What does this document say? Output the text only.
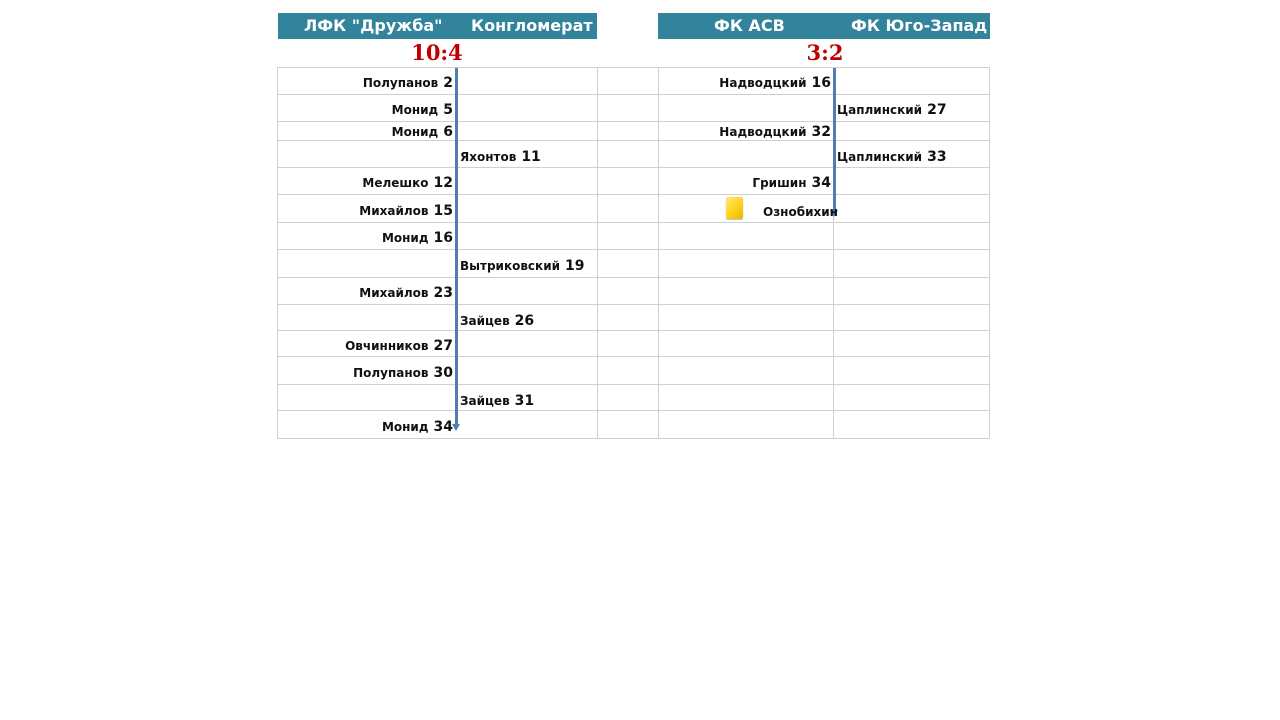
ЛФК "Дружба" Конгломерат	ФК АСВ	ФК Юго-Запад
10:4	3:2
Полупанов 2
Монид 5
Монид 6
Мелешко 12
Михайлов 15
Монид 16
Михайлов 23
Овчинников 27
Полупанов 30
Монид 34
Яхонтов 11
Вытриковский 19
Зайцев 26
Зайцев 31
Надводцкий 16
Надводцкий 32
Гришин 34
Цаплинский 27
Цаплинский 33
Ознобихин
